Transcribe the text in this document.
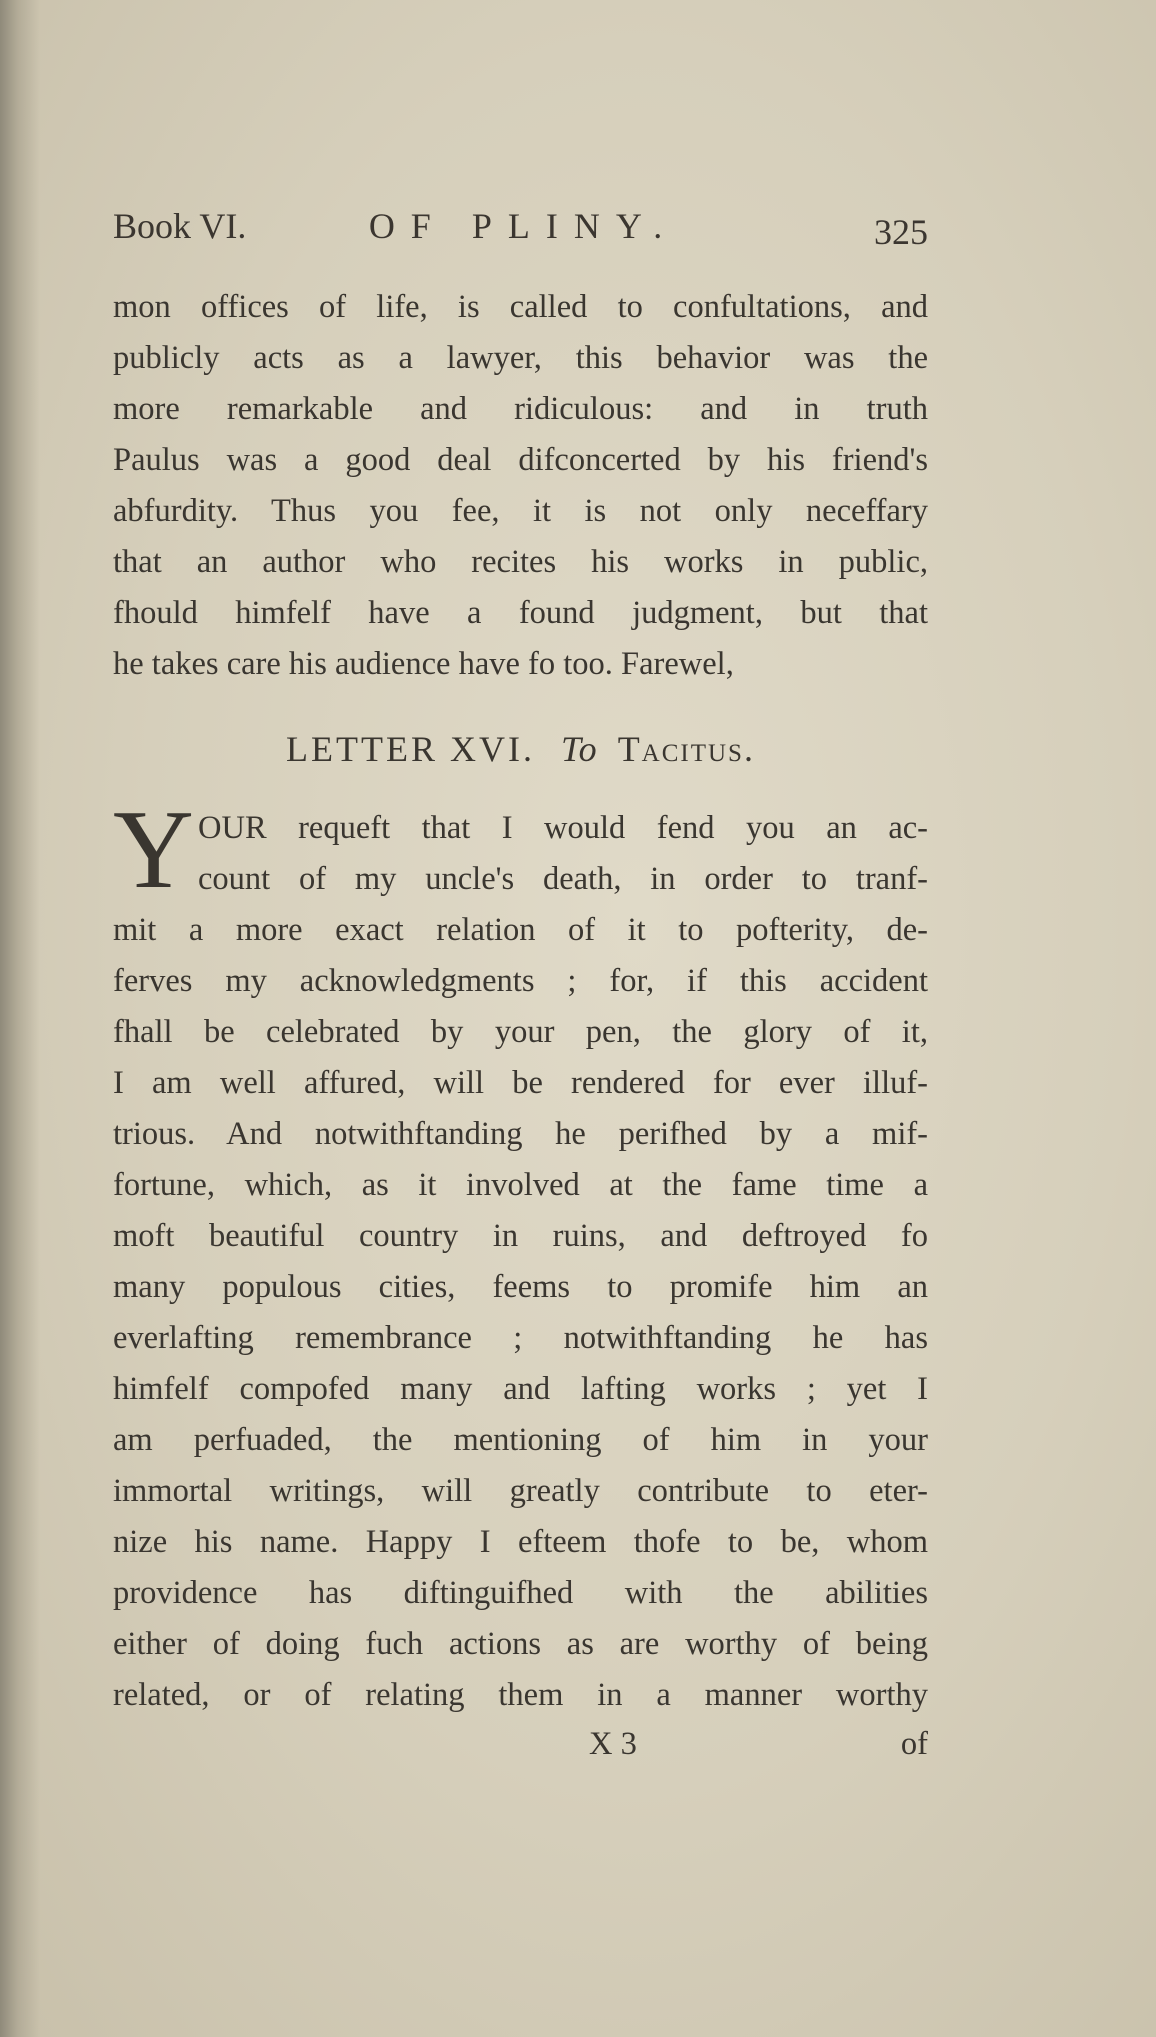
Book VI.	OF PLINY.	325
mon offices of life, is called to confultations, and
publicly acts as a lawyer, this behavior was the
more remarkable and ridiculous: and in truth
Paulus was a good deal difconcerted by his friend's
abfurdity. Thus you fee, it is not only neceffary
that an author who recites his works in public,
fhould himfelf have a found judgment, but that
he takes care his audience have fo too. Farewel,
LETTER XVI. To Tacitus.
Y OUR requeft that I would fend you an ac-
count of my uncle's death, in order to tranf-
mit a more exact relation of it to pofterity, de-
ferves my acknowledgments ; for, if this accident
fhall be celebrated by your pen, the glory of it,
I am well affured, will be rendered for ever illuf-
trious. And notwithftanding he perifhed by a mif-
fortune, which, as it involved at the fame time a
moft beautiful country in ruins, and deftroyed fo
many populous cities, feems to promife him an
everlafting remembrance ; notwithftanding he has
himfelf compofed many and lafting works ; yet I
am perfuaded, the mentioning of him in your
immortal writings, will greatly contribute to eter-
nize his name. Happy I efteem thofe to be, whom
providence has diftinguifhed with the abilities
either of doing fuch actions as are worthy of being
related, or of relating them in a manner worthy
X 3	of
